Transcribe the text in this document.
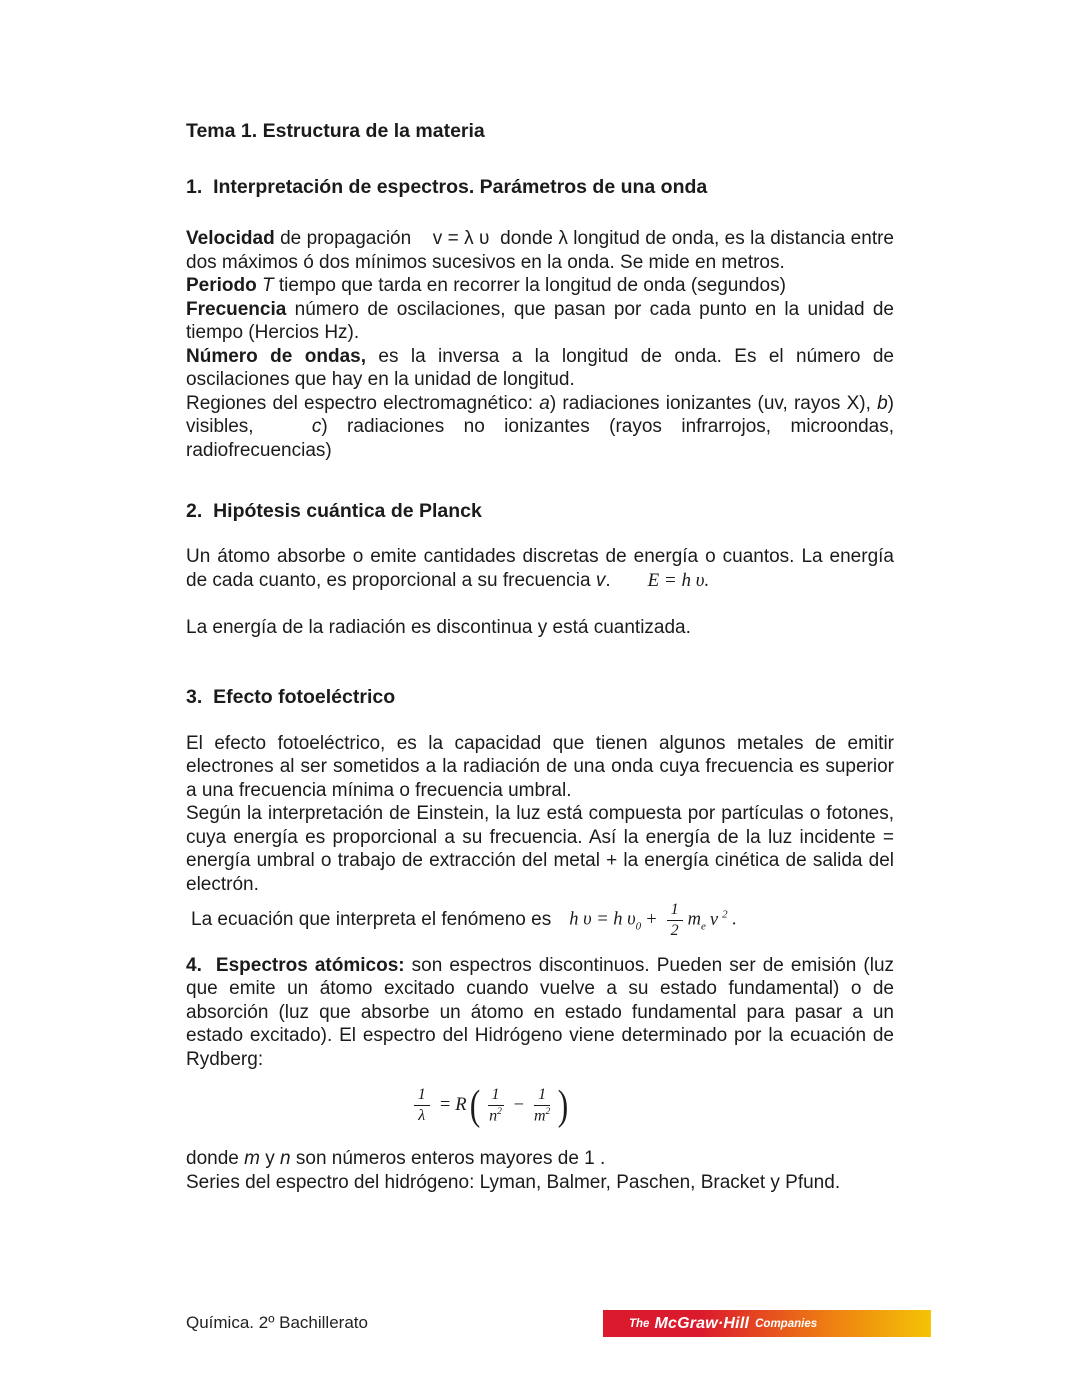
Tema 1. Estructura de la materia
1.  Interpretación de espectros. Parámetros de una onda
Velocidad de propagación    v = λ υ  donde λ longitud de onda, es la distancia entre dos máximos ó dos mínimos sucesivos en la onda. Se mide en metros.
Periodo T tiempo que tarda en recorrer la longitud de onda (segundos)
Frecuencia número de oscilaciones, que pasan por cada punto en la unidad de tiempo (Hercios Hz).
Número de ondas, es la inversa a la longitud de onda. Es el número de oscilaciones que hay en la unidad de longitud.
Regiones del espectro electromagnético: a) radiaciones ionizantes (uv, rayos X), b) visibles,   c) radiaciones no ionizantes (rayos infrarrojos, microondas, radiofrecuencias)
2.  Hipótesis cuántica de Planck
Un átomo absorbe o emite cantidades discretas de energía o cuantos. La energía de cada cuanto, es proporcional a su frecuencia v.       E = h υ.
La energía de la radiación es discontinua y está cuantizada.
3.  Efecto fotoeléctrico
El efecto fotoeléctrico, es la capacidad que tienen algunos metales de emitir electrones al ser sometidos a la radiación de una onda cuya frecuencia es superior a una frecuencia mínima o frecuencia umbral.
Según la interpretación de Einstein, la luz está compuesta por partículas o fotones, cuya energía es proporcional a su frecuencia. Así la energía de la luz incidente = energía umbral o trabajo de extracción del metal + la energía cinética de salida del electrón.
La ecuación que interpreta el fenómeno es h υ = h $\upsilon_0 + \frac{1}{2} m_e$ v $^2$ .
4.  Espectros atómicos: son espectros discontinuos. Pueden ser de emisión (luz que emite un átomo excitado cuando vuelve a su estado fundamental) o de absorción (luz que absorbe un átomo en estado fundamental para pasar a un estado excitado). El espectro del Hidrógeno viene determinado por la ecuación de Rydberg:
$\frac{1}{\lambda} = R$ ( $\frac{1}{n^2} - \frac{1}{m^2}$ )
donde m y n son números enteros mayores de 1 .
Series del espectro del hidrógeno: Lyman, Balmer, Paschen, Bracket y Pfund.
Química. 2º Bachillerato	The McGraw·Hill Companies
